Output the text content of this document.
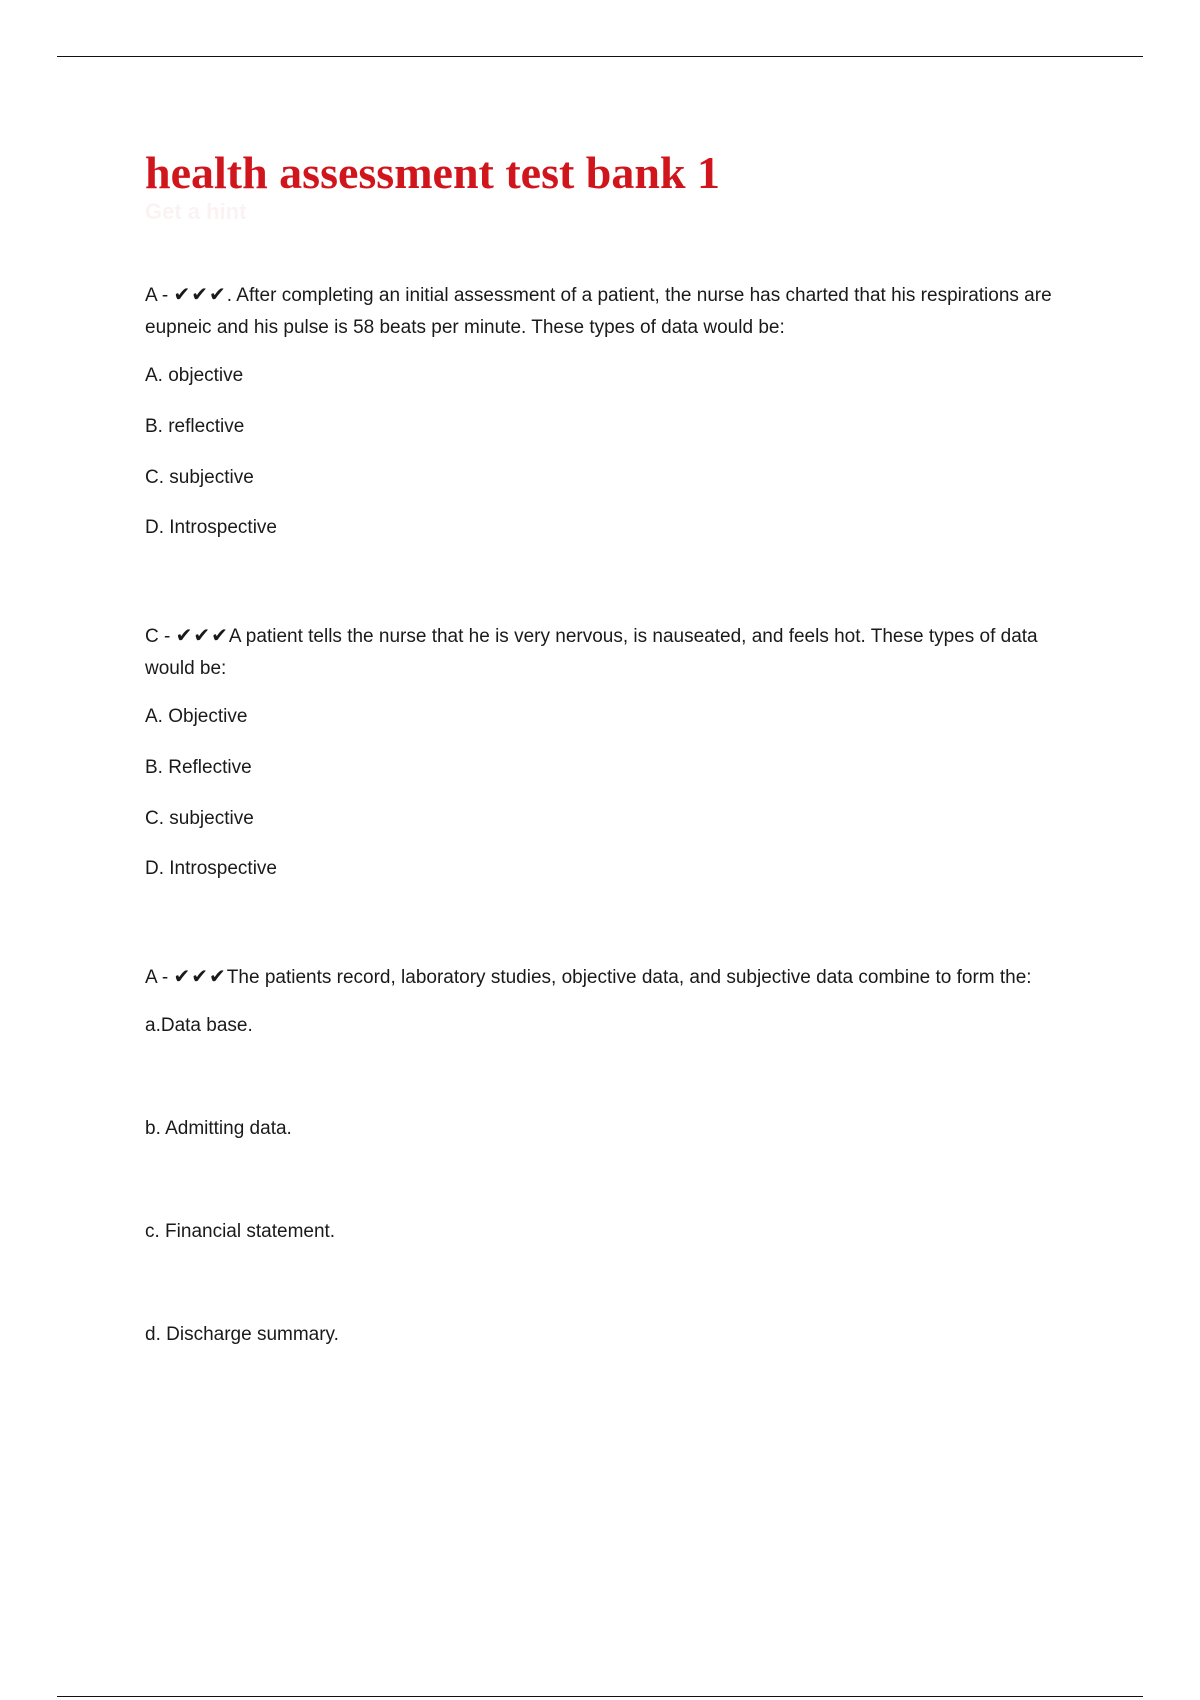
health assessment test bank 1
Get a hint

A - ✔✔✔. After completing an initial assessment of a patient, the nurse has charted that his respirations are eupneic and his pulse is 58 beats per minute. These types of data would be:

A. objective
B. reflective
C. subjective
D. Introspective

C - ✔✔✔A patient tells the nurse that he is very nervous, is nauseated, and feels hot. These types of data would be:

A. Objective
B. Reflective
C. subjective
D. Introspective

A - ✔✔✔The patients record, laboratory studies, objective data, and subjective data combine to form the:

a.Data base.
b. Admitting data.
c. Financial statement.
d. Discharge summary.
